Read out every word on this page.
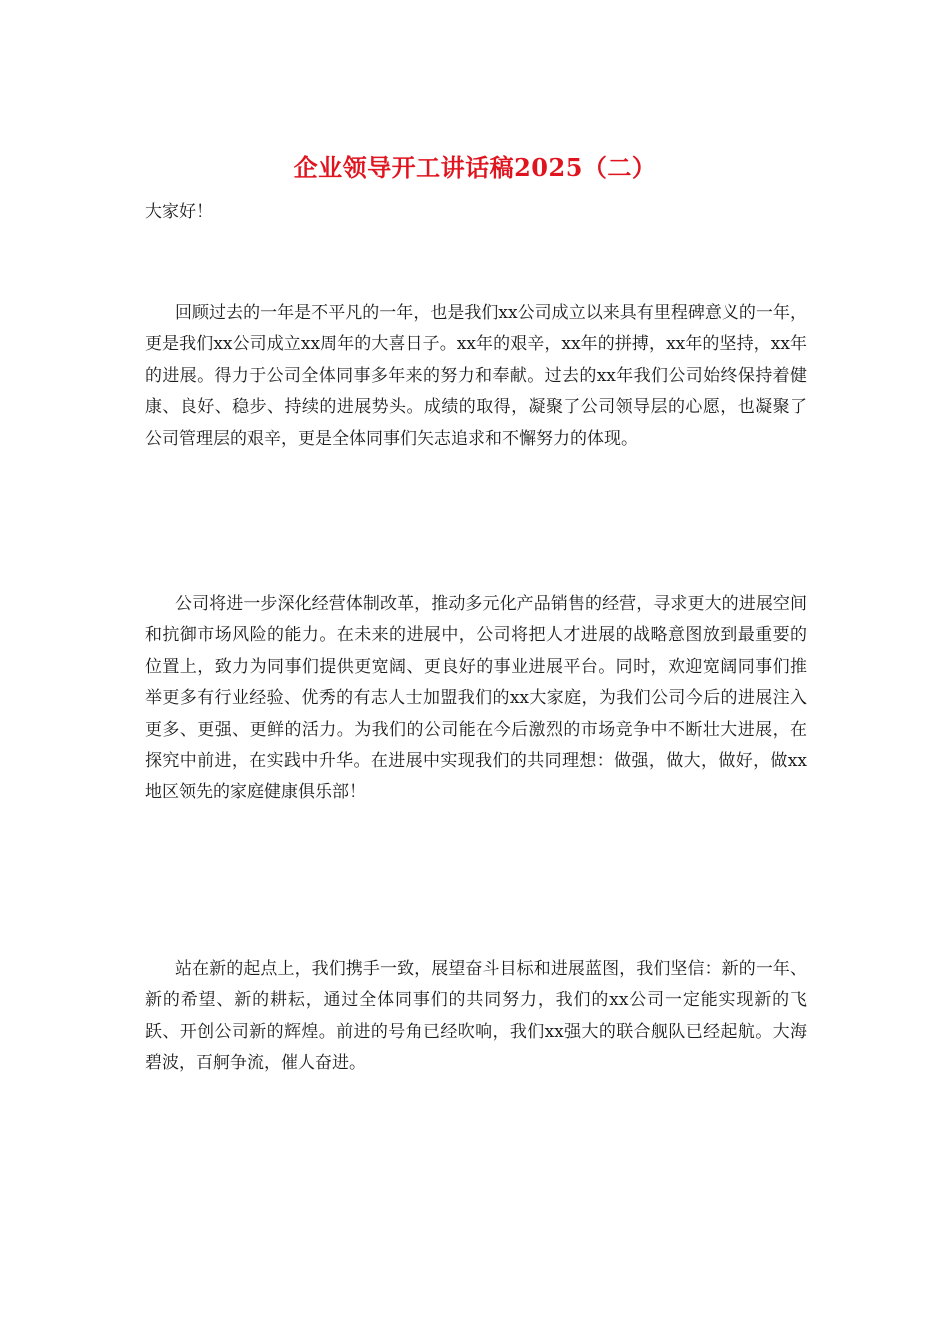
企业领导开工讲话稿2025（二）
大家好！

回顾过去的一年是不平凡的一年，也是我们xx公司成立以来具有里程碑意义的一年，更是我们xx公司成立xx周年的大喜日子。xx年的艰辛，xx年的拼搏，xx年的坚持，xx年的进展。得力于公司全体同事多年来的努力和奉献。过去的xx年我们公司始终保持着健康、良好、稳步、持续的进展势头。成绩的取得，凝聚了公司领导层的心愿，也凝聚了公司管理层的艰辛，更是全体同事们矢志追求和不懈努力的体现。

公司将进一步深化经营体制改革，推动多元化产品销售的经营，寻求更大的进展空间和抗御市场风险的能力。在未来的进展中，公司将把人才进展的战略意图放到最重要的位置上，致力为同事们提供更宽阔、更良好的事业进展平台。同时，欢迎宽阔同事们推举更多有行业经验、优秀的有志人士加盟我们的xx大家庭，为我们公司今后的进展注入更多、更强、更鲜的活力。为我们的公司能在今后激烈的市场竞争中不断壮大进展，在探究中前进，在实践中升华。在进展中实现我们的共同理想：做强，做大，做好，做xx地区领先的家庭健康俱乐部！

站在新的起点上，我们携手一致，展望奋斗目标和进展蓝图，我们坚信：新的一年、新的希望、新的耕耘，通过全体同事们的共同努力，我们的xx公司一定能实现新的飞跃、开创公司新的辉煌。前进的号角已经吹响，我们xx强大的联合舰队已经起航。大海碧波，百舸争流，催人奋进。
